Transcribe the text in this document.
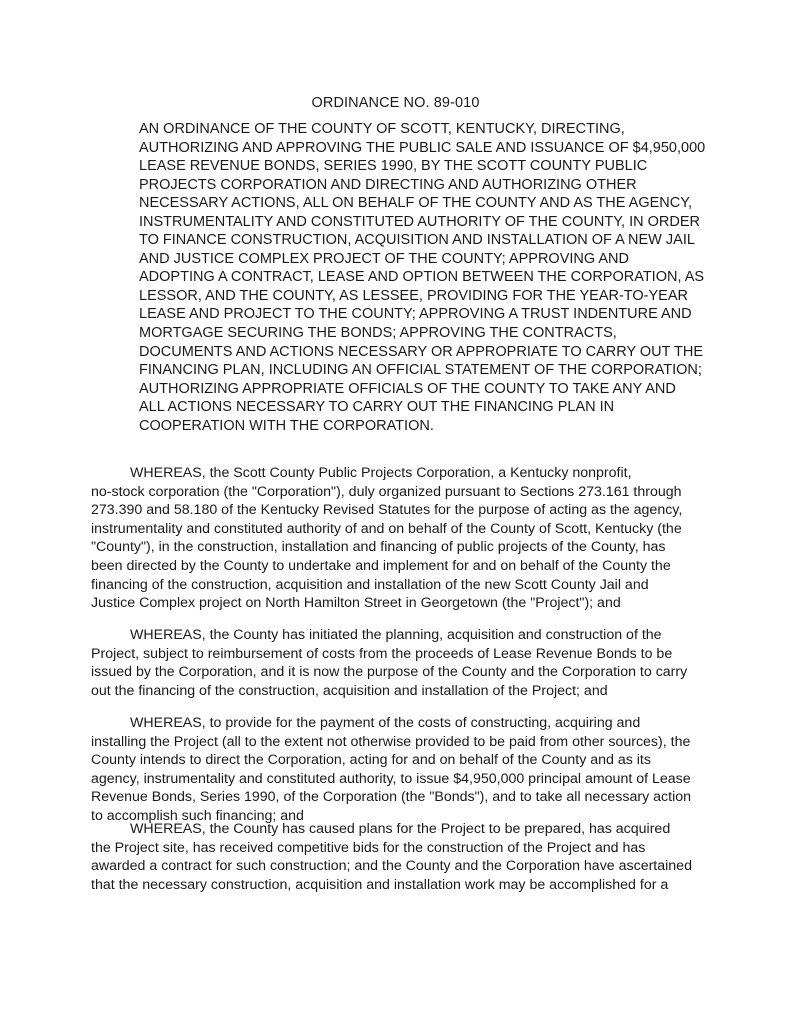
ORDINANCE NO. 89-010
AN ORDINANCE OF THE COUNTY OF SCOTT, KENTUCKY, DIRECTING,
AUTHORIZING AND APPROVING THE PUBLIC SALE AND ISSUANCE OF $4,950,000
LEASE REVENUE BONDS, SERIES 1990, BY THE SCOTT COUNTY PUBLIC
PROJECTS CORPORATION AND DIRECTING AND AUTHORIZING OTHER
NECESSARY ACTIONS, ALL ON BEHALF OF THE COUNTY AND AS THE AGENCY,
INSTRUMENTALITY AND CONSTITUTED AUTHORITY OF THE COUNTY, IN ORDER
TO FINANCE CONSTRUCTION, ACQUISITION AND INSTALLATION OF A NEW JAIL
AND JUSTICE COMPLEX PROJECT OF THE COUNTY; APPROVING AND
ADOPTING A CONTRACT, LEASE AND OPTION BETWEEN THE CORPORATION, AS
LESSOR, AND THE COUNTY, AS LESSEE, PROVIDING FOR THE YEAR-TO-YEAR
LEASE AND PROJECT TO THE COUNTY; APPROVING A TRUST INDENTURE AND
MORTGAGE SECURING THE BONDS; APPROVING THE CONTRACTS,
DOCUMENTS AND ACTIONS NECESSARY OR APPROPRIATE TO CARRY OUT THE
FINANCING PLAN, INCLUDING AN OFFICIAL STATEMENT OF THE CORPORATION;
AUTHORIZING APPROPRIATE OFFICIALS OF THE COUNTY TO TAKE ANY AND
ALL ACTIONS NECESSARY TO CARRY OUT THE FINANCING PLAN IN
COOPERATION WITH THE CORPORATION.
WHEREAS, the Scott County Public Projects Corporation, a Kentucky nonprofit,
no-stock corporation (the "Corporation"), duly organized pursuant to Sections 273.161 through
273.390 and 58.180 of the Kentucky Revised Statutes for the purpose of acting as the agency,
instrumentality and constituted authority of and on behalf of the County of Scott, Kentucky (the
"County"), in the construction, installation and financing of public projects of the County, has
been directed by the County to undertake and implement for and on behalf of the County the
financing of the construction, acquisition and installation of the new Scott County Jail and
Justice Complex project on North Hamilton Street in Georgetown (the "Project"); and
WHEREAS, the County has initiated the planning, acquisition and construction of the
Project, subject to reimbursement of costs from the proceeds of Lease Revenue Bonds to be
issued by the Corporation, and it is now the purpose of the County and the Corporation to carry
out the financing of the construction, acquisition and installation of the Project; and
WHEREAS, to provide for the payment of the costs of constructing, acquiring and
installing the Project (all to the extent not otherwise provided to be paid from other sources), the
County intends to direct the Corporation, acting for and on behalf of the County and as its
agency, instrumentality and constituted authority, to issue $4,950,000 principal amount of Lease
Revenue Bonds, Series 1990, of the Corporation (the "Bonds"), and to take all necessary action
to accomplish such financing; and
WHEREAS, the County has caused plans for the Project to be prepared, has acquired
the Project site, has received competitive bids for the construction of the Project and has
awarded a contract for such construction; and the County and the Corporation have ascertained
that the necessary construction, acquisition and installation work may be accomplished for a
